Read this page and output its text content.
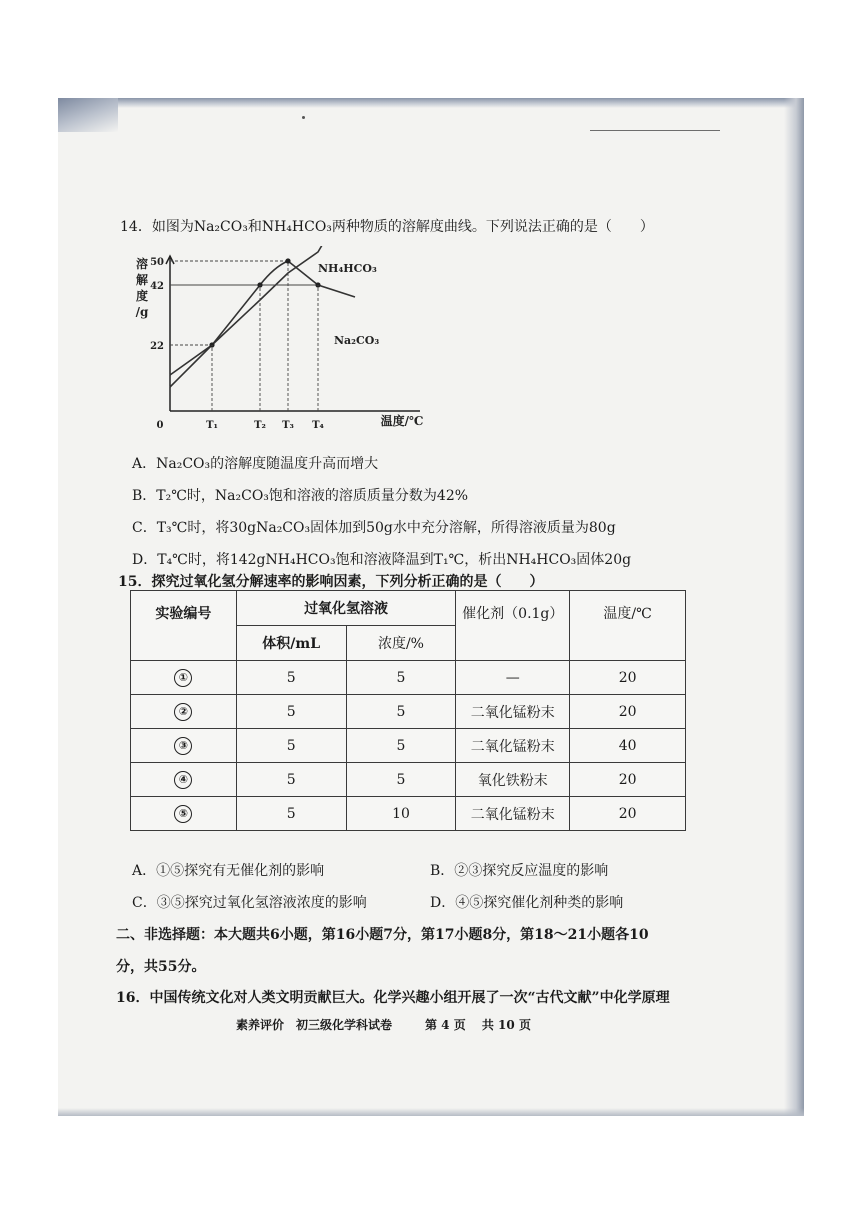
14．如图为Na₂CO₃和NH₄HCO₃两种物质的溶解度曲线。下列说法正确的是（　　）
溶
解
度
/g
0	温度/℃
NH₄HCO₃
Na₂CO₃
22
42
50
T₁	T₂ T₃ T₄
A．Na₂CO₃的溶解度随温度升高而增大
B．T₂℃时，Na₂CO₃饱和溶液的溶质质量分数为42%
C．T₃℃时，将30gNa₂CO₃固体加到50g水中充分溶解，所得溶液质量为80g
D．T₄℃时，将142gNH₄HCO₃饱和溶液降温到T₁℃，析出NH₄HCO₃固体20g
15．探究过氧化氢分解速率的影响因素，下列分析正确的是（　　）
实验编号	过氧化氢溶液		催化剂（0.1g）	温度/℃
	体积/mL	浓度/%		
①	5	5	—	20
②	5	5	二氧化锰粉末	20
③	5	5	二氧化锰粉末	40
④	5	5	氧化铁粉末	20
⑤	5	10	二氧化锰粉末	20
A．①⑤探究有无催化剂的影响	B．②③探究反应温度的影响
C．③⑤探究过氧化氢溶液浓度的影响	D．④⑤探究催化剂种类的影响
二、非选择题：本大题共6小题，第16小题7分，第17小题8分，第18～21小题各10
分，共55分。
16．中国传统文化对人类文明贡献巨大。化学兴趣小组开展了一次“古代文献”中化学原理
素养评价 初三级化学科试卷	第 4 页　 共 10 页
